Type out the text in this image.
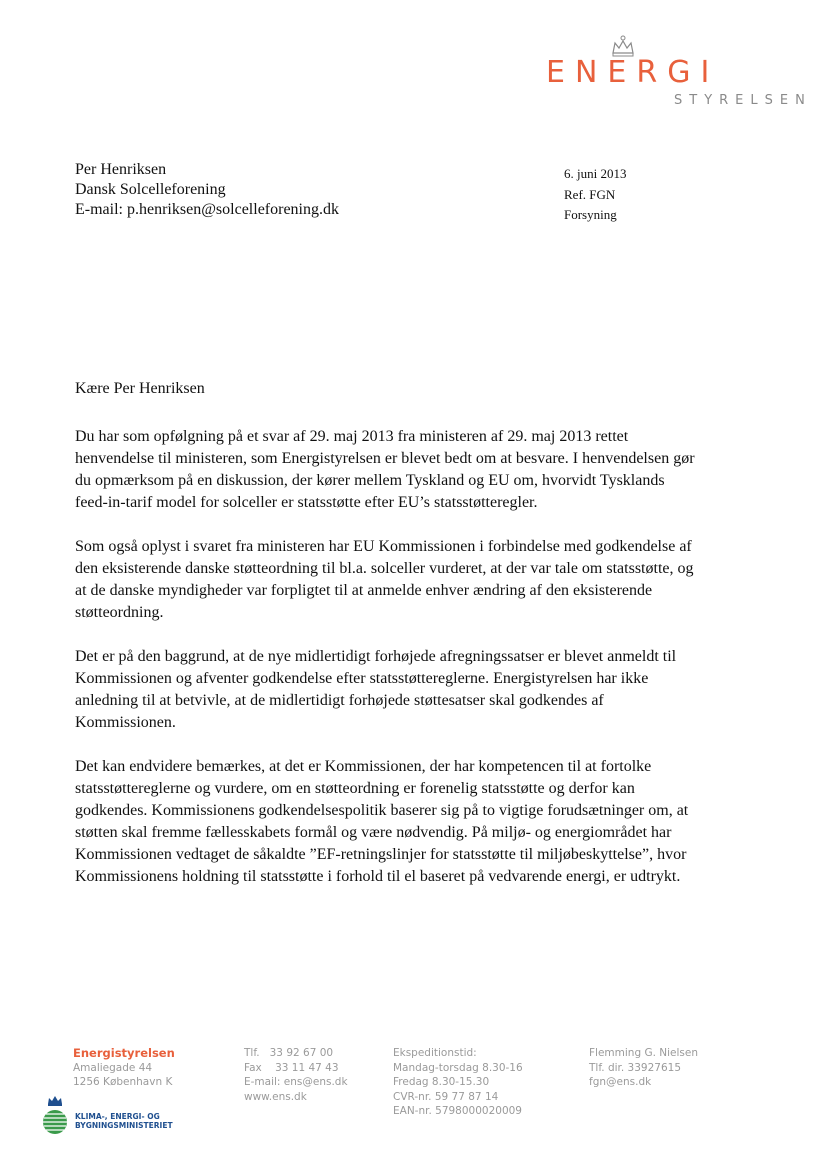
ENERGI
STYRELSEN
Per Henriksen
Dansk Solcelleforening
E-mail: p.henriksen@solcelleforening.dk
6. juni 2013
Ref. FGN
Forsyning
Kære Per Henriksen

Du har som opfølgning på et svar af 29. maj 2013 fra ministeren af 29. maj 2013 rettet henvendelse til ministeren, som Energistyrelsen er blevet bedt om at besvare. I henvendelsen gør du opmærksom på en diskussion, der kører mellem Tyskland og EU om, hvorvidt Tysklands feed-in-tarif model for solceller er statsstøtte efter EU’s statsstøtteregler.

Som også oplyst i svaret fra ministeren har EU Kommissionen i forbindelse med godkendelse af den eksisterende danske støtteordning til bl.a. solceller vurderet, at der var tale om statsstøtte, og at de danske myndigheder var forpligtet til at anmelde enhver ændring af den eksisterende støtteordning.

Det er på den baggrund, at de nye midlertidigt forhøjede afregningssatser er blevet anmeldt til Kommissionen og afventer godkendelse efter statsstøttereglerne. Energistyrelsen har ikke anledning til at betvivle, at de midlertidigt forhøjede støttesatser skal godkendes af Kommissionen.

Det kan endvidere bemærkes, at det er Kommissionen, der har kompetencen til at fortolke statsstøttereglerne og vurdere, om en støtteordning er forenelig statsstøtte og derfor kan godkendes. Kommissionens godkendelsespolitik baserer sig på to vigtige forudsætninger om, at støtten skal fremme fællesskabets formål og være nødvendig. På miljø- og energiområdet har Kommissionen vedtaget de såkaldte ”EF-retningslinjer for statsstøtte til miljøbeskyttelse”, hvor Kommissionens holdning til statsstøtte i forhold til el baseret på vedvarende energi, er udtrykt.

Energistyrelsen
Amaliegade 44
1256 København K
Tlf.   33 92 67 00
Fax    33 11 47 43
E-mail: ens@ens.dk
www.ens.dk
Ekspeditionstid:
Mandag-torsdag 8.30-16
Fredag 8.30-15.30
CVR-nr. 59 77 87 14
EAN-nr. 5798000020009
Flemming G. Nielsen
Tlf. dir. 33927615
fgn@ens.dk
KLIMA-, ENERGI- OG
BYGNINGSMINISTERIET
